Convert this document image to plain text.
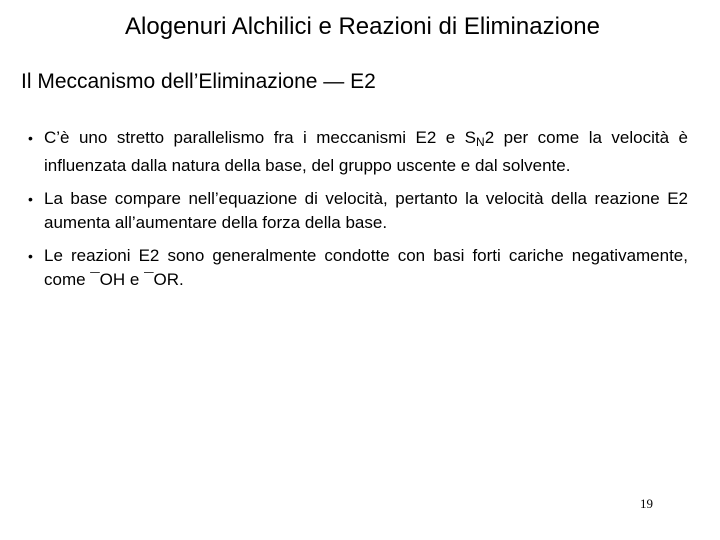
Alogenuri Alchilici e Reazioni di Eliminazione
Il Meccanismo dell’Eliminazione — E2
• C’è uno stretto parallelismo fra i meccanismi E2 e SN2 per come la velocità è influenzata dalla natura della base, del gruppo uscente e dal solvente.
• La base compare nell’equazione di velocità, pertanto la velocità della reazione E2 aumenta all’aumentare della forza della base.
• Le reazioni E2 sono generalmente condotte con basi forti cariche negativamente, come ¯OH e ¯OR.
19
